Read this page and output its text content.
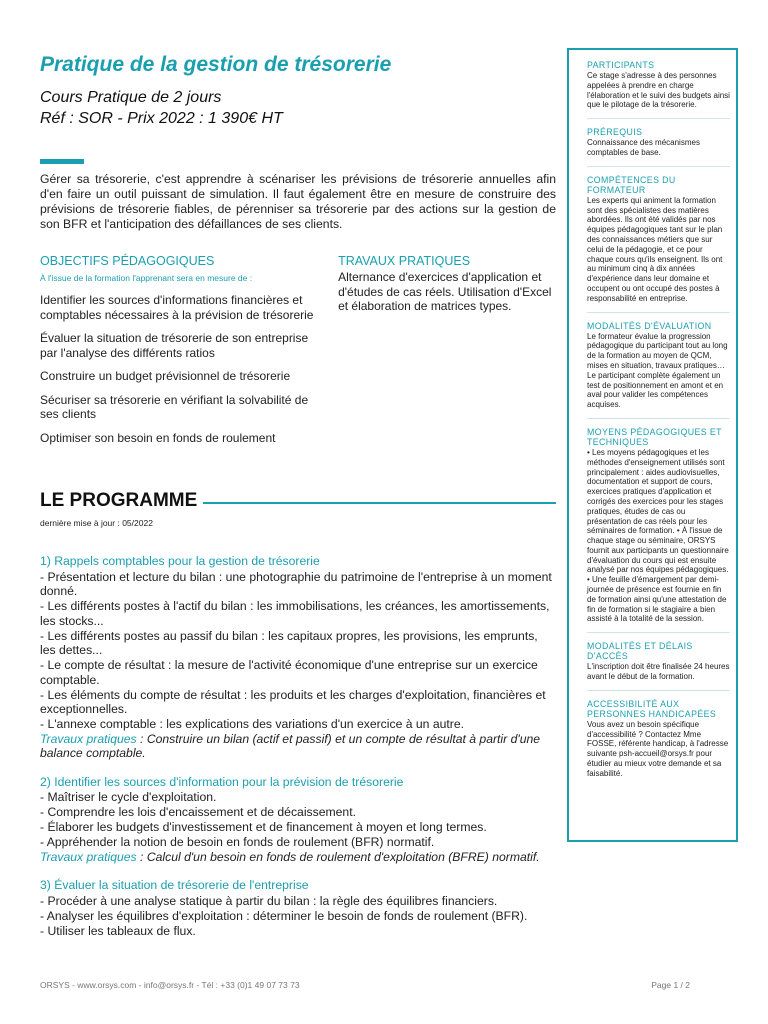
Pratique de la gestion de trésorerie
Cours Pratique de 2 jours
Réf : SOR - Prix 2022 : 1 390€ HT

Gérer sa trésorerie, c'est apprendre à scénariser les prévisions de trésorerie annuelles afin d'en faire un outil puissant de simulation. Il faut également être en mesure de construire des prévisions de trésorerie fiables, de pérenniser sa trésorerie par des actions sur la gestion de son BFR et l'anticipation des défaillances de ses clients.

OBJECTIFS PÉDAGOGIQUES
À l'issue de la formation l'apprenant sera en mesure de :
Identifier les sources d'informations financières et comptables nécessaires à la prévision de trésorerie
Évaluer la situation de trésorerie de son entreprise par l'analyse des différents ratios
Construire un budget prévisionnel de trésorerie
Sécuriser sa trésorerie en vérifiant la solvabilité de ses clients
Optimiser son besoin en fonds de roulement
TRAVAUX PRATIQUES
Alternance d'exercices d'application et d'études de cas réels. Utilisation d'Excel et élaboration de matrices types.
LE PROGRAMME
dernière mise à jour : 05/2022
1) Rappels comptables pour la gestion de trésorerie
- Présentation et lecture du bilan : une photographie du patrimoine de l'entreprise à un moment donné.
- Les différents postes à l'actif du bilan : les immobilisations, les créances, les amortissements, les stocks...
- Les différents postes au passif du bilan : les capitaux propres, les provisions, les emprunts, les dettes...
- Le compte de résultat : la mesure de l'activité économique d'une entreprise sur un exercice comptable.
- Les éléments du compte de résultat : les produits et les charges d'exploitation, financières et exceptionnelles.
- L'annexe comptable : les explications des variations d'un exercice à un autre.
Travaux pratiques : Construire un bilan (actif et passif) et un compte de résultat à partir d'une balance comptable.
2) Identifier les sources d'information pour la prévision de trésorerie
- Maîtriser le cycle d'exploitation.
- Comprendre les lois d'encaissement et de décaissement.
- Élaborer les budgets d'investissement et de financement à moyen et long termes.
- Appréhender la notion de besoin en fonds de roulement (BFR) normatif.
Travaux pratiques : Calcul d'un besoin en fonds de roulement d'exploitation (BFRE) normatif.
3) Évaluer la situation de trésorerie de l'entreprise
- Procéder à une analyse statique à partir du bilan : la règle des équilibres financiers.
- Analyser les équilibres d'exploitation : déterminer le besoin de fonds de roulement (BFR).
- Utiliser les tableaux de flux.
PARTICIPANTS
Ce stage s'adresse à des personnes appelées à prendre en charge l'élaboration et le suivi des budgets ainsi que le pilotage de la trésorerie.
PRÉREQUIS
Connaissance des mécanismes comptables de base.
COMPÉTENCES DU FORMATEUR
Les experts qui animent la formation sont des spécialistes des matières abordées. Ils ont été validés par nos équipes pédagogiques tant sur le plan des connaissances métiers que sur celui de la pédagogie, et ce pour chaque cours qu'ils enseignent. Ils ont au minimum cinq à dix années d'expérience dans leur domaine et occupent ou ont occupé des postes à responsabilité en entreprise.
MODALITÉS D'ÉVALUATION
Le formateur évalue la progression pédagogique du participant tout au long de la formation au moyen de QCM, mises en situation, travaux pratiques… Le participant complète également un test de positionnement en amont et en aval pour valider les compétences acquises.
MOYENS PÉDAGOGIQUES ET TECHNIQUES
• Les moyens pédagogiques et les méthodes d'enseignement utilisés sont principalement : aides audiovisuelles, documentation et support de cours, exercices pratiques d'application et corrigés des exercices pour les stages pratiques, études de cas ou présentation de cas réels pour les séminaires de formation. • À l'issue de chaque stage ou séminaire, ORSYS fournit aux participants un questionnaire d'évaluation du cours qui est ensuite analysé par nos équipes pédagogiques. • Une feuille d'émargement par demi-journée de présence est fournie en fin de formation ainsi qu'une attestation de fin de formation si le stagiaire a bien assisté à la totalité de la session.
MODALITÉS ET DÉLAIS D'ACCÈS
L'inscription doit être finalisée 24 heures avant le début de la formation.
ACCESSIBILITÉ AUX PERSONNES HANDICAPÉES
Vous avez un besoin spécifique d'accessibilité ? Contactez Mme FOSSE, référente handicap, à l'adresse suivante psh-accueil@orsys.fr pour étudier au mieux votre demande et sa faisabilité.
ORSYS - www.orsys.com - info@orsys.fr - Tél : +33 (0)1 49 07 73 73	Page 1 / 2
